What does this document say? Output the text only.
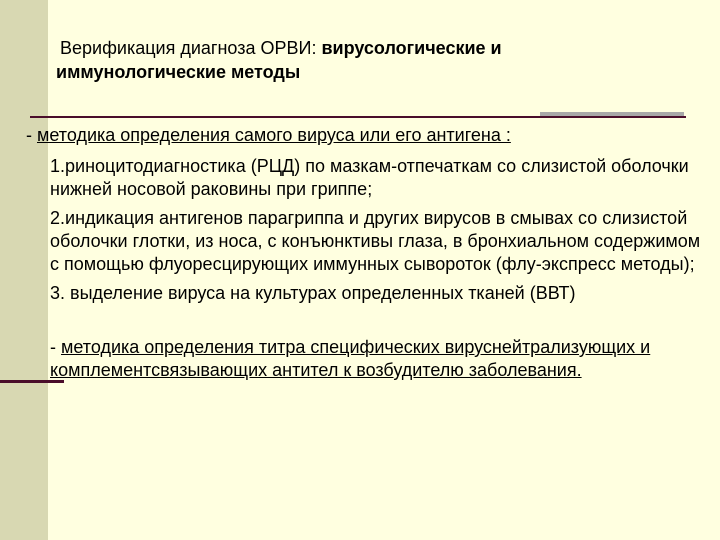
Верификация диагноза ОРВИ: вирусологические и иммунологические методы

- методика определения самого вируса или его антигена :

1.риноцитодиагностика (РЦД) по мазкам-отпечаткам со слизистой оболочки нижней носовой раковины при гриппе;

2.индикация антигенов парагриппа и других вирусов в смывах со слизистой оболочки глотки, из носа, с конъюнктивы глаза, в бронхиальном содержимом с помощью флуоресцирующих иммунных сывороток (флу-экспресс методы);

3. выделение вируса на культурах определенных тканей (ВВТ)

- методика определения титра специфических вируснейтрализующих и комплементсвязывающих антител к возбудителю заболевания.
